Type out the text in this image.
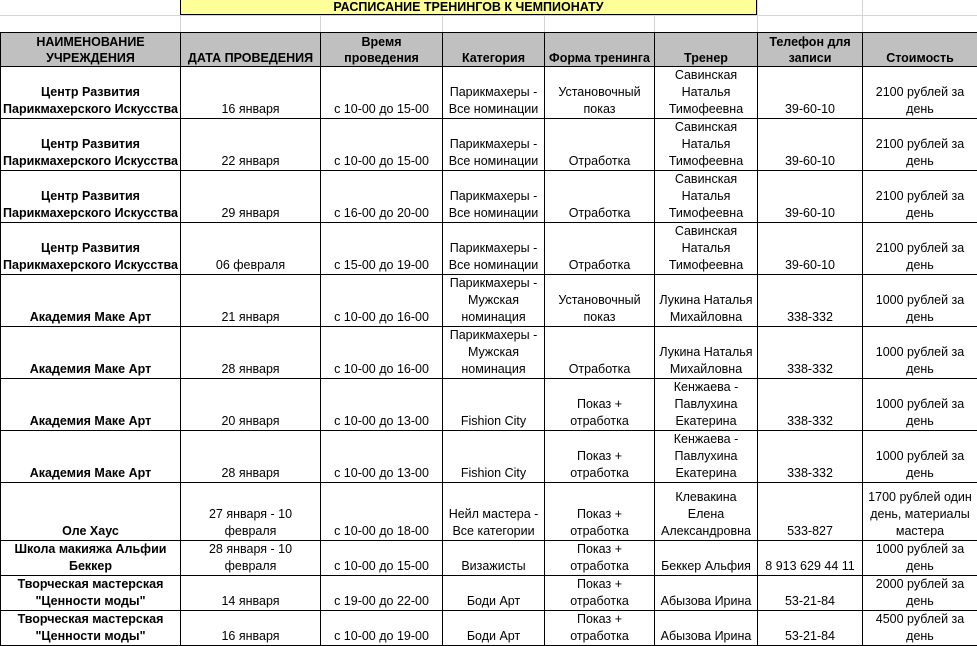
РАСПИСАНИЕ ТРЕНИНГОВ К ЧЕМПИОНАТУ
НАИМЕНОВАНИЕ УЧРЕЖДЕНИЯ	ДАТА ПРОВЕДЕНИЯ	Время проведения	Категория	Форма тренинга	Тренер	Телефон для записи	Стоимость
Центр Развития Парикмахерского Искусства	16 января	с 10-00 до 15-00	Парикмахеры - Все номинации	Установочный показ	Савинская Наталья Тимофеевна	39-60-10	2100 рублей за день
Центр Развития Парикмахерского Искусства	22 января	с 10-00 до 15-00	Парикмахеры - Все номинации	Отработка	Савинская Наталья Тимофеевна	39-60-10	2100 рублей за день
Центр Развития Парикмахерского Искусства	29 января	с 16-00 до 20-00	Парикмахеры - Все номинации	Отработка	Савинская Наталья Тимофеевна	39-60-10	2100 рублей за день
Центр Развития Парикмахерского Искусства	06 февраля	с 15-00 до 19-00	Парикмахеры - Все номинации	Отработка	Савинская Наталья Тимофеевна	39-60-10	2100 рублей за день
Академия Маке Арт	21 января	с 10-00 до 16-00	Парикмахеры - Мужская номинация	Установочный показ	Лукина Наталья Михайловна	338-332	1000 рублей за день
Академия Маке Арт	28 января	с 10-00 до 16-00	Парикмахеры - Мужская номинация	Отработка	Лукина Наталья Михайловна	338-332	1000 рублей за день
Академия Маке Арт	20 января	с 10-00 до 13-00	Fishion City	Показ + отработка	Кенжаева - Павлухина Екатерина	338-332	1000 рублей за день
Академия Маке Арт	28 января	с 10-00 до 13-00	Fishion City	Показ + отработка	Кенжаева - Павлухина Екатерина	338-332	1000 рублей за день
Оле Хаус	27 января - 10 февраля	с 10-00 до 18-00	Нейл мастера - Все категории	Показ + отработка	Клевакина Елена Александровна	533-827	1700 рублей один день, материалы мастера
Школа макияжа Альфии Беккер	28 января - 10 февраля	с 10-00 до 15-00	Визажисты	Показ + отработка	Беккер Альфия	8 913 629 44 11	1000 рублей за день
Творческая мастерская "Ценности моды"	14 января	с 19-00 до 22-00	Боди Арт	Показ + отработка	Абызова Ирина	53-21-84	2000 рублей за день
Творческая мастерская "Ценности моды"	16 января	с 10-00 до 19-00	Боди Арт	Показ + отработка	Абызова Ирина	53-21-84	4500 рублей за день
